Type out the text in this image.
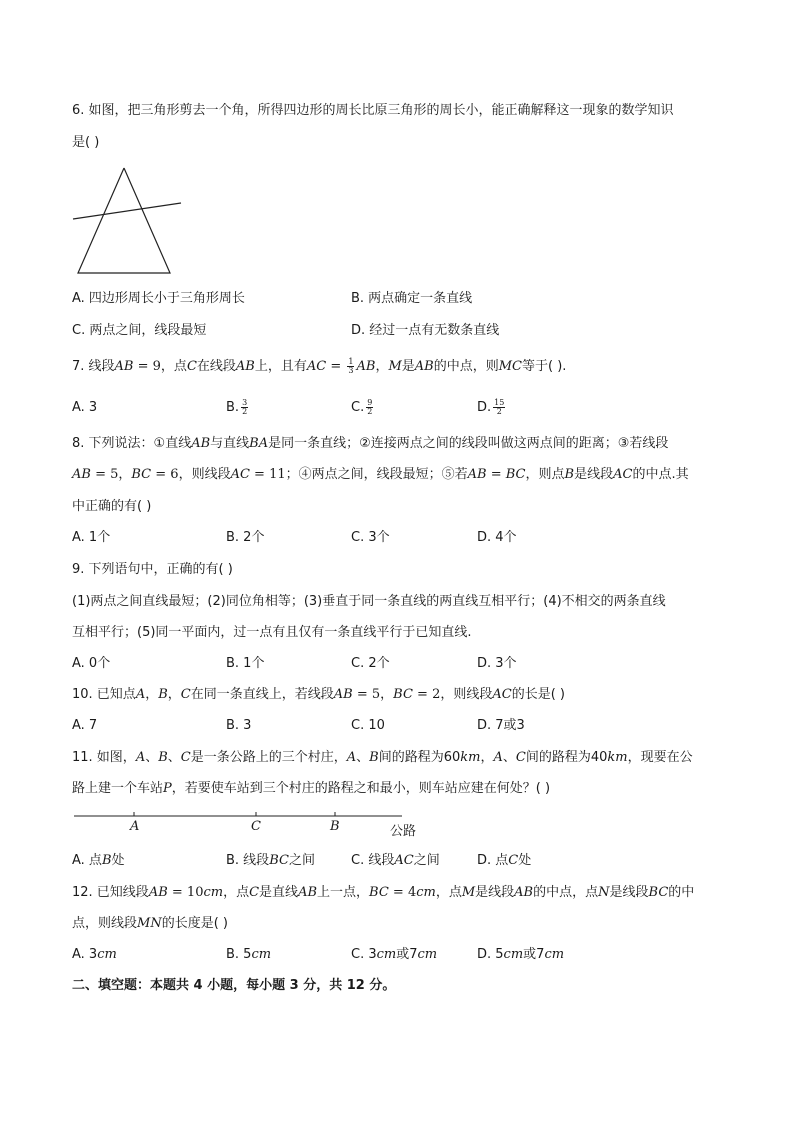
6. 如图，把三角形剪去一个角，所得四边形的周长比原三角形的周长小，能正确解释这一现象的数学知识
是( )
A. 四边形周长小于三角形周长	B. 两点确定一条直线
C. 两点之间，线段最短	D. 经过一点有无数条直线
7. 线段AB = 9，点C在线段AB上，且有AC = $\frac{1}{3}$ AB，M是AB的中点，则MC等于( ).
A. 3	B. $\frac{3}{2}$	C. $\frac{9}{2}$	D. $\frac{15}{2}$
8. 下列说法：①直线AB与直线BA是同一条直线；②连接两点之间的线段叫做这两点间的距离；③若线段
AB = 5，BC = 6，则线段AC = 11；④两点之间，线段最短；⑤若AB = BC，则点B是线段AC的中点.其
中正确的有( )
A. 1个	B. 2个	C. 3个	D. 4个
9. 下列语句中，正确的有( )
(1)两点之间直线最短；(2)同位角相等；(3)垂直于同一条直线的两直线互相平行；(4)不相交的两条直线
互相平行；(5)同一平面内，过一点有且仅有一条直线平行于已知直线.
A. 0个	B. 1个	C. 2个	D. 3个
10. 已知点A，B，C在同一条直线上，若线段AB = 5，BC = 2，则线段AC的长是( )
A. 7	B. 3	C. 10	D. 7或3
11. 如图，A、B、C是一条公路上的三个村庄，A、B间的路程为60km，A、C间的路程为40km，现要在公
路上建一个车站P，若要使车站到三个村庄的路程之和最小，则车站应建在何处？( )
A	C	B	公路
A. 点B处	B. 线段BC之间	C. 线段AC之间	D. 点C处
12. 已知线段AB = 10cm，点C是直线AB上一点，BC = 4cm，点M是线段AB的中点，点N是线段BC的中
点，则线段MN的长度是( )
A. 3cm	B. 5cm	C. 3cm或7cm	D. 5cm或7cm
二、填空题：本题共 4 小题，每小题 3 分，共 12 分。
